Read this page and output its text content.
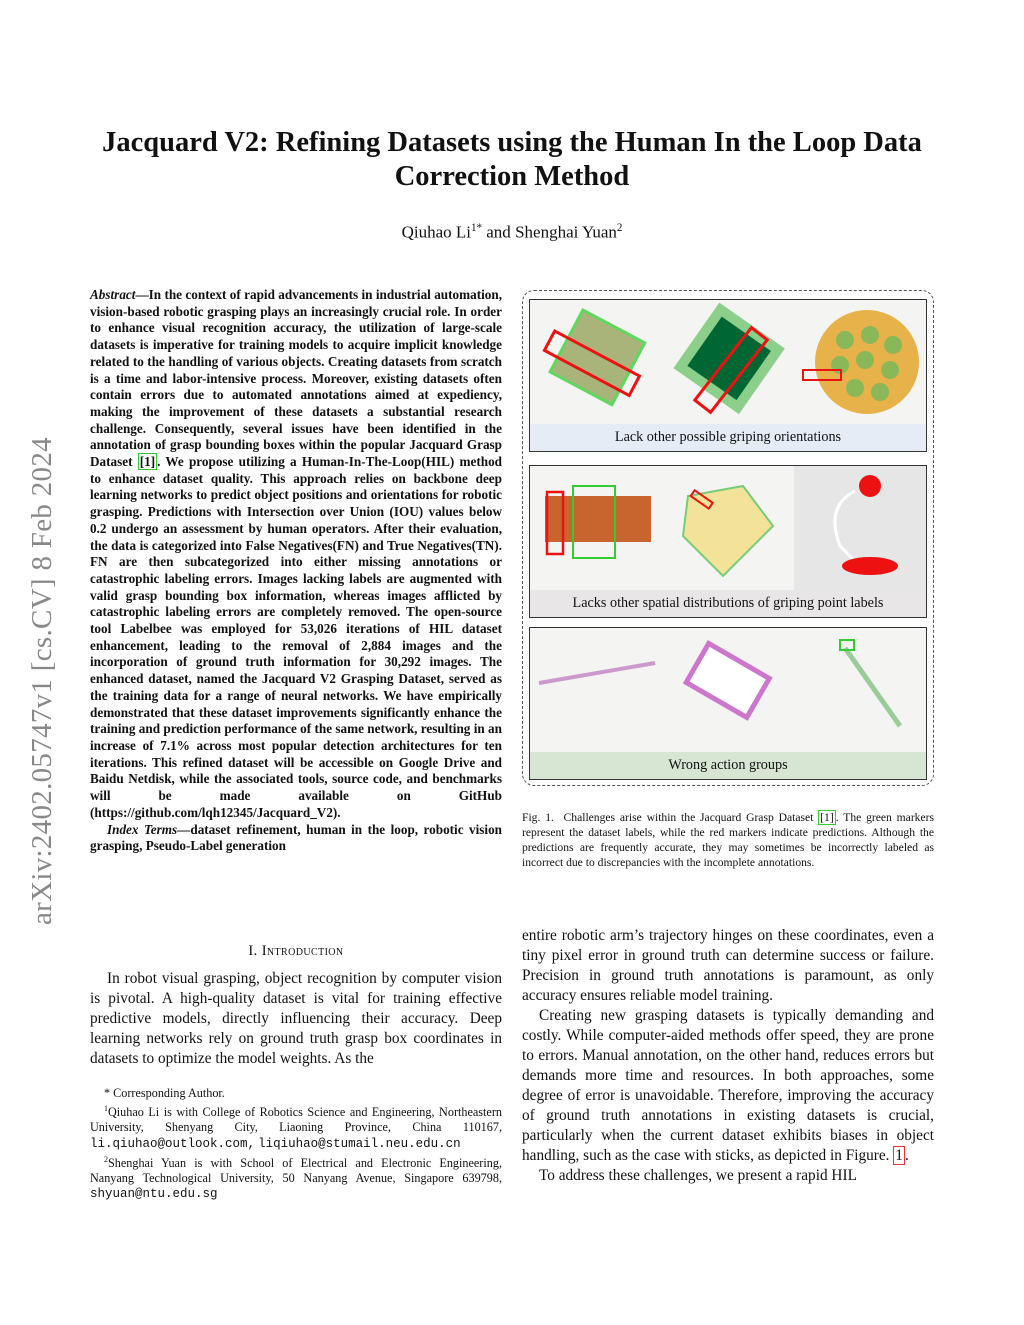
arXiv:2402.05747v1 [cs.CV] 8 Feb 2024
Jacquard V2: Refining Datasets using the Human In the Loop Data Correction Method
Qiuhao $Li^{1*}$ and Shenghai Yuan$^2$
Abstract—In the context of rapid advancements in industrial automation, vision-based robotic grasping plays an increasingly crucial role. In order to enhance visual recognition accuracy, the utilization of large-scale datasets is imperative for training models to acquire implicit knowledge related to the handling of various objects. Creating datasets from scratch is a time and labor-intensive process. Moreover, existing datasets often contain errors due to automated annotations aimed at expediency, making the improvement of these datasets a substantial research challenge. Consequently, several issues have been identified in the annotation of grasp bounding boxes within the popular Jacquard Grasp Dataset [1] . We propose utilizing a Human-In-The-Loop(HIL) method to enhance dataset quality. This approach relies on backbone deep learning networks to predict object positions and orientations for robotic grasping. Predictions with Intersection over Union (IOU) values below 0.2 undergo an assessment by human operators. After their evaluation, the data is categorized into False Negatives(FN) and True Negatives(TN). FN are then subcategorized into either missing annotations or catastrophic labeling errors. Images lacking labels are augmented with valid grasp bounding box information, whereas images afflicted by catastrophic labeling errors are completely removed. The open-source tool Labelbee was employed for 53,026 iterations of HIL dataset enhancement, leading to the removal of 2,884 images and the incorporation of ground truth information for 30,292 images. The enhanced dataset, named the Jacquard V2 Grasping Dataset, served as the training data for a range of neural networks. We have empirically demonstrated that these dataset improvements significantly enhance the training and prediction performance of the same network, resulting in an increase of 7.1% across most popular detection architectures for ten iterations. This refined dataset will be accessible on Google Drive and Baidu Netdisk, while the associated tools, source code, and benchmarks will be made available on GitHub (https://github.com/lqh12345/Jacquard_V2).
Index Terms—dataset refinement, human in the loop, robotic vision grasping, Pseudo-Label generation
I. Introduction
In robot visual grasping, object recognition by computer vision is pivotal. A high-quality dataset is vital for training effective predictive models, directly influencing their accuracy. Deep learning networks rely on ground truth grasp box coordinates in datasets to optimize the model weights. As the
* Corresponding Author.
$^1$Qiuhao Li is with College of Robotics Science and Engineering, Northeastern University, Shenyang City, Liaoning Province, China 110167, li.qiuhao@outlook.com, liqiuhao@stumail.neu.edu.cn
$^2$Shenghai Yuan is with School of Electrical and Electronic Engineering, Nanyang Technological University, 50 Nanyang Avenue, Singapore 639798, shyuan@ntu.edu.sg
Lack other possible griping orientations
Lacks other spatial distributions of griping point labels
Wrong action groups
Fig. 1.  Challenges arise within the Jacquard Grasp Dataset [1] . The green markers represent the dataset labels, while the red markers indicate predictions. Although the predictions are frequently accurate, they may sometimes be incorrectly labeled as incorrect due to discrepancies with the incomplete annotations.

entire robotic arm’s trajectory hinges on these coordinates, even a tiny pixel error in ground truth can determine success or failure. Precision in ground truth annotations is paramount, as only accuracy ensures reliable model training.

Creating new grasping datasets is typically demanding and costly. While computer-aided methods offer speed, they are prone to errors. Manual annotation, on the other hand, reduces errors but demands more time and resources. In both approaches, some degree of error is unavoidable. Therefore, improving the accuracy of ground truth annotations in existing datasets is crucial, particularly when the current dataset exhibits biases in object handling, such as the case with sticks, as depicted in Figure. 1 .

To address these challenges, we present a rapid HIL
